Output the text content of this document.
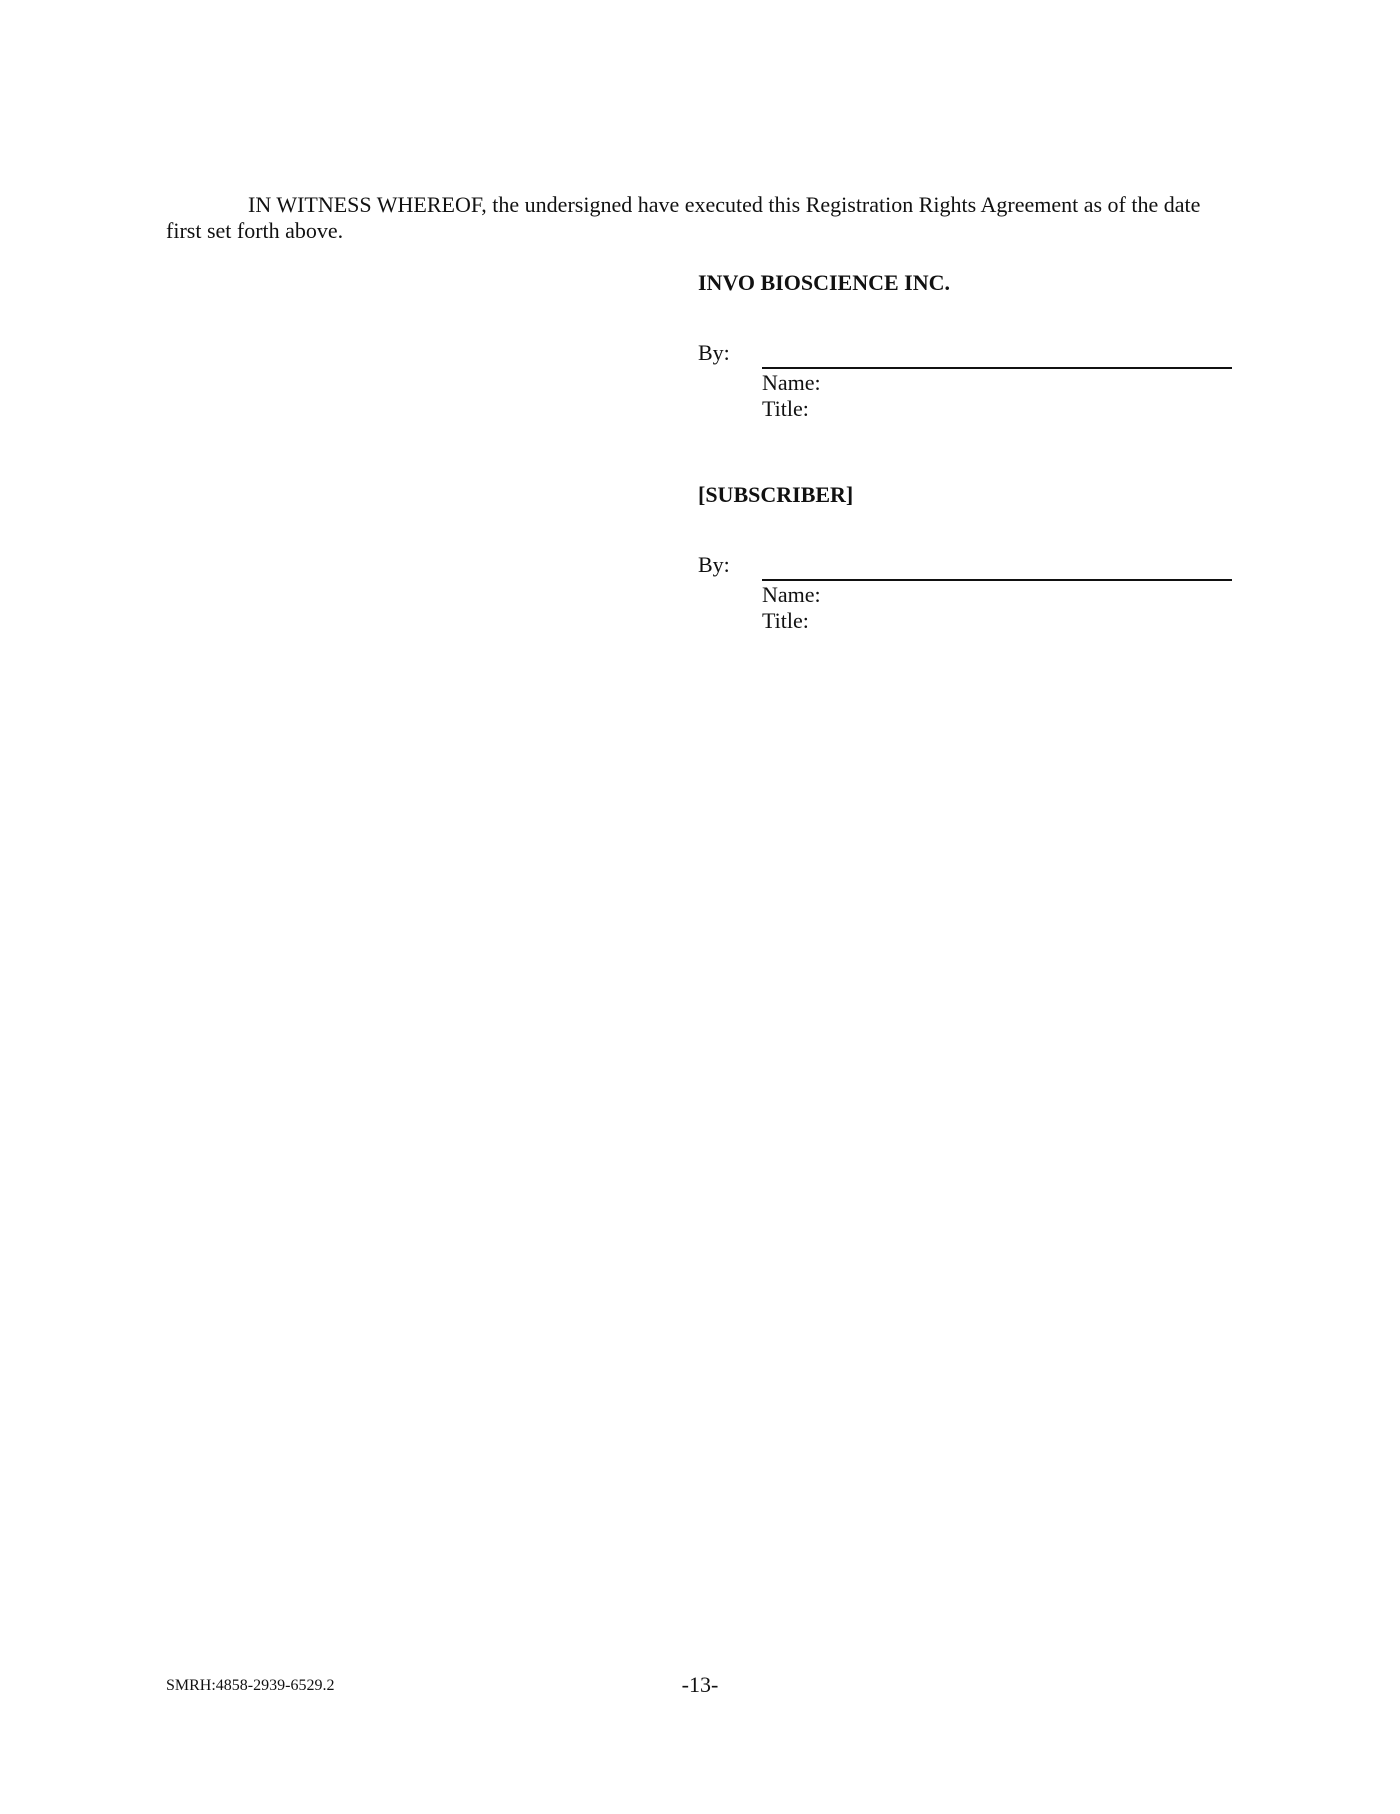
IN WITNESS WHEREOF, the undersigned have executed this Registration Rights Agreement as of the date first set forth above.

INVO BIOSCIENCE INC.
By:
Name:
Title:
[SUBSCRIBER]
By:
Name:
Title:
SMRH:4858-2939-6529.2	-13-
